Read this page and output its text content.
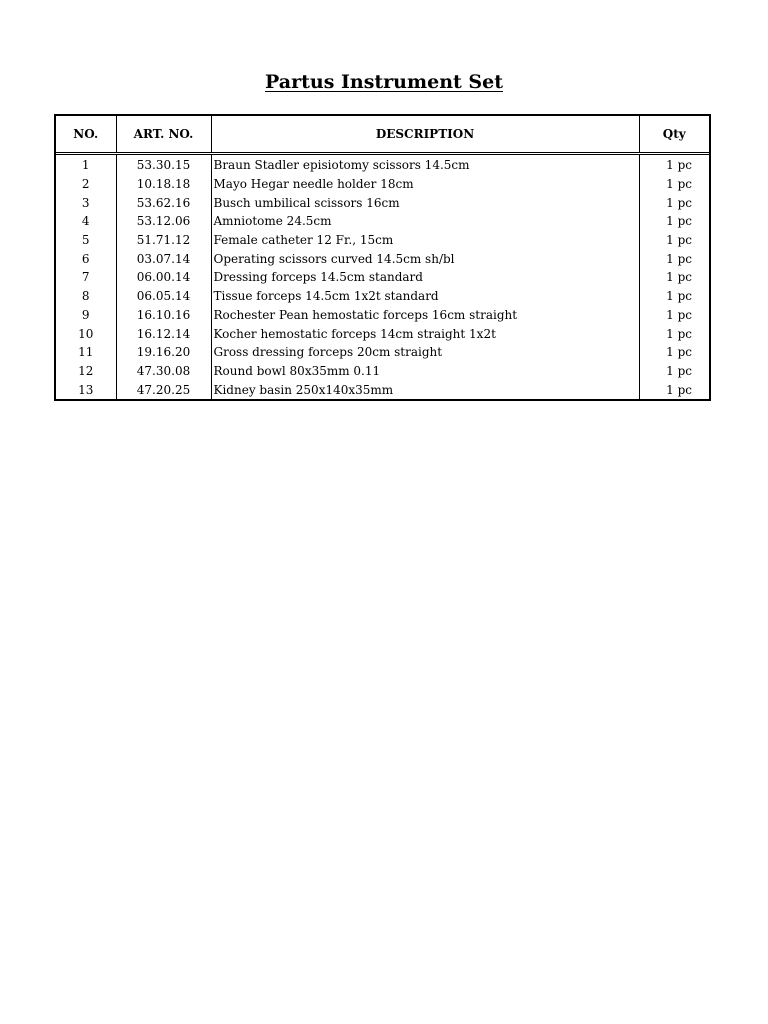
Partus Instrument Set
NO.	ART. NO.	DESCRIPTION	Qty
1	53.30.15	Braun Stadler episiotomy scissors 14.5cm	1 pc
2	10.18.18	Mayo Hegar needle holder 18cm	1 pc
3	53.62.16	Busch umbilical scissors 16cm	1 pc
4	53.12.06	Amniotome 24.5cm	1 pc
5	51.71.12	Female catheter 12 Fr., 15cm	1 pc
6	03.07.14	Operating scissors curved 14.5cm sh/bl	1 pc
7	06.00.14	Dressing forceps 14.5cm standard	1 pc
8	06.05.14	Tissue forceps 14.5cm 1x2t standard	1 pc
9	16.10.16	Rochester Pean hemostatic forceps 16cm straight	1 pc
10	16.12.14	Kocher hemostatic forceps 14cm straight 1x2t	1 pc
11	19.16.20	Gross dressing forceps 20cm straight	1 pc
12	47.30.08	Round bowl 80x35mm 0.11	1 pc
13	47.20.25	Kidney basin 250x140x35mm	1 pc
